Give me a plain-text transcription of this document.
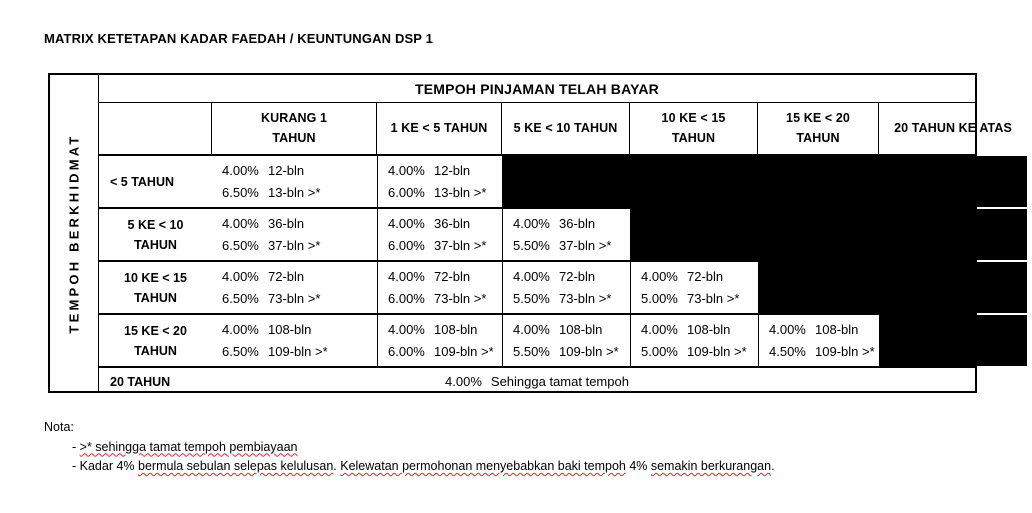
MATRIX KETETAPAN KADAR FAEDAH / KEUNTUNGAN DSP 1
TEMPOH BERKHIDMAT
TEMPOH PINJAMAN TELAH BAYAR
KURANG 1
TAHUN
1 KE < 5 TAHUN 5 KE < 10 TAHUN
10 KE < 15
TAHUN
15 KE < 20
TAHUN
20 TAHUN KE ATAS
< 5 TAHUN
4.00% 12-bln
6.50% 13-bln >*
4.00% 12-bln
6.00% 13-bln >*
5 KE < 10
TAHUN
4.00% 36-bln
6.50% 37-bln >*
4.00% 36-bln
6.00% 37-bln >*
4.00% 36-bln
5.50% 37-bln >*
10 KE < 15
TAHUN
4.00% 72-bln
6.50% 73-bln >*
4.00% 72-bln
6.00% 73-bln >*
4.00% 72-bln
5.50% 73-bln >*
4.00% 72-bln
5.00% 73-bln >*
15 KE < 20
TAHUN
4.00% 108-bln
6.50% 109-bln >*
4.00% 108-bln
6.00% 109-bln >*
4.00% 108-bln
5.50% 109-bln >*
4.00% 108-bln
5.00% 109-bln >*
4.00% 108-bln
4.50% 109-bln >*
20 TAHUN	4.00% Sehingga tamat tempoh

Nota:

- >* sehingga tamat tempoh pembiayaan

- Kadar 4% bermula sebulan selepas kelulusan. Kelewatan permohonan menyebabkan baki tempoh 4% semakin berkurangan.
